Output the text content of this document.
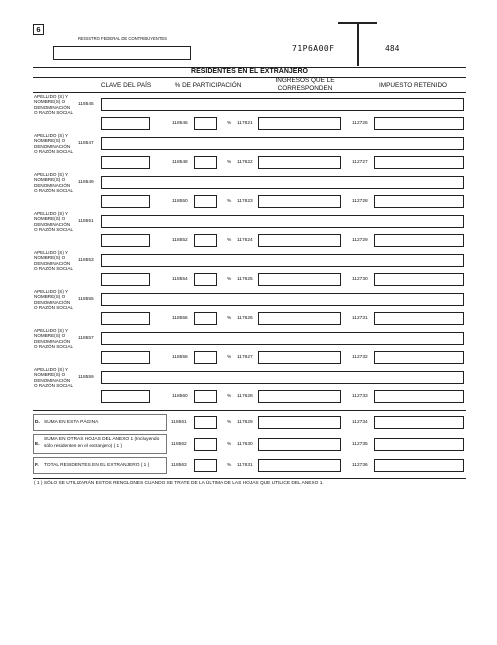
6
REGISTRO FEDERAL DE CONTRIBUYENTES
71P6A00F	484
RESIDENTES EN EL EXTRANJERO
CLAVE DEL PAÍS	% DE PARTICIPACIÓN
INGRESOS QUE LE CORRESPONDEN	IMPUESTO RETENIDO
APELLIDO (S) Y NOMBRE(S) O DENOMINACIÓN O RAZÓN SOCIAL
118545
118546	% 117621	112726
APELLIDO (S) Y NOMBRE(S) O DENOMINACIÓN O RAZÓN SOCIAL
118547
118548	% 117622	112727
APELLIDO (S) Y NOMBRE(S) O DENOMINACIÓN O RAZÓN SOCIAL
118549
118550	% 117623	112728
APELLIDO (S) Y NOMBRE(S) O DENOMINACIÓN O RAZÓN SOCIAL
118551
118552	% 117624	112729
APELLIDO (S) Y NOMBRE(S) O DENOMINACIÓN O RAZÓN SOCIAL
118553
118554	% 117625	112730
APELLIDO (S) Y NOMBRE(S) O DENOMINACIÓN O RAZÓN SOCIAL
118555
118556	% 117626	112731
APELLIDO (S) Y NOMBRE(S) O DENOMINACIÓN O RAZÓN SOCIAL
118557
118558	% 117627	112732
APELLIDO (S) Y NOMBRE(S) O DENOMINACIÓN O RAZÓN SOCIAL
118559
118560	% 117628	112733
D. SUMA EN ESTA PÁGINA	118561	% 117629	112734
E.
SUMA EN OTRAS HOJAS DEL ANEXO 1 (Incluyendo sólo residentes en el extranjero) ( 1 )	118562	% 117630	112735
F. TOTAL RESIDENTES EN EL EXTRANJERO ( 1 )	118563	% 117631	112736
( 1 ) SÓLO SE UTILIZARÁN ESTOS RENGLONES CUANDO SE TRATE DE LA ÚLTIMA DE LAS HOJAS QUE UTILICE DEL ANEXO 1.
